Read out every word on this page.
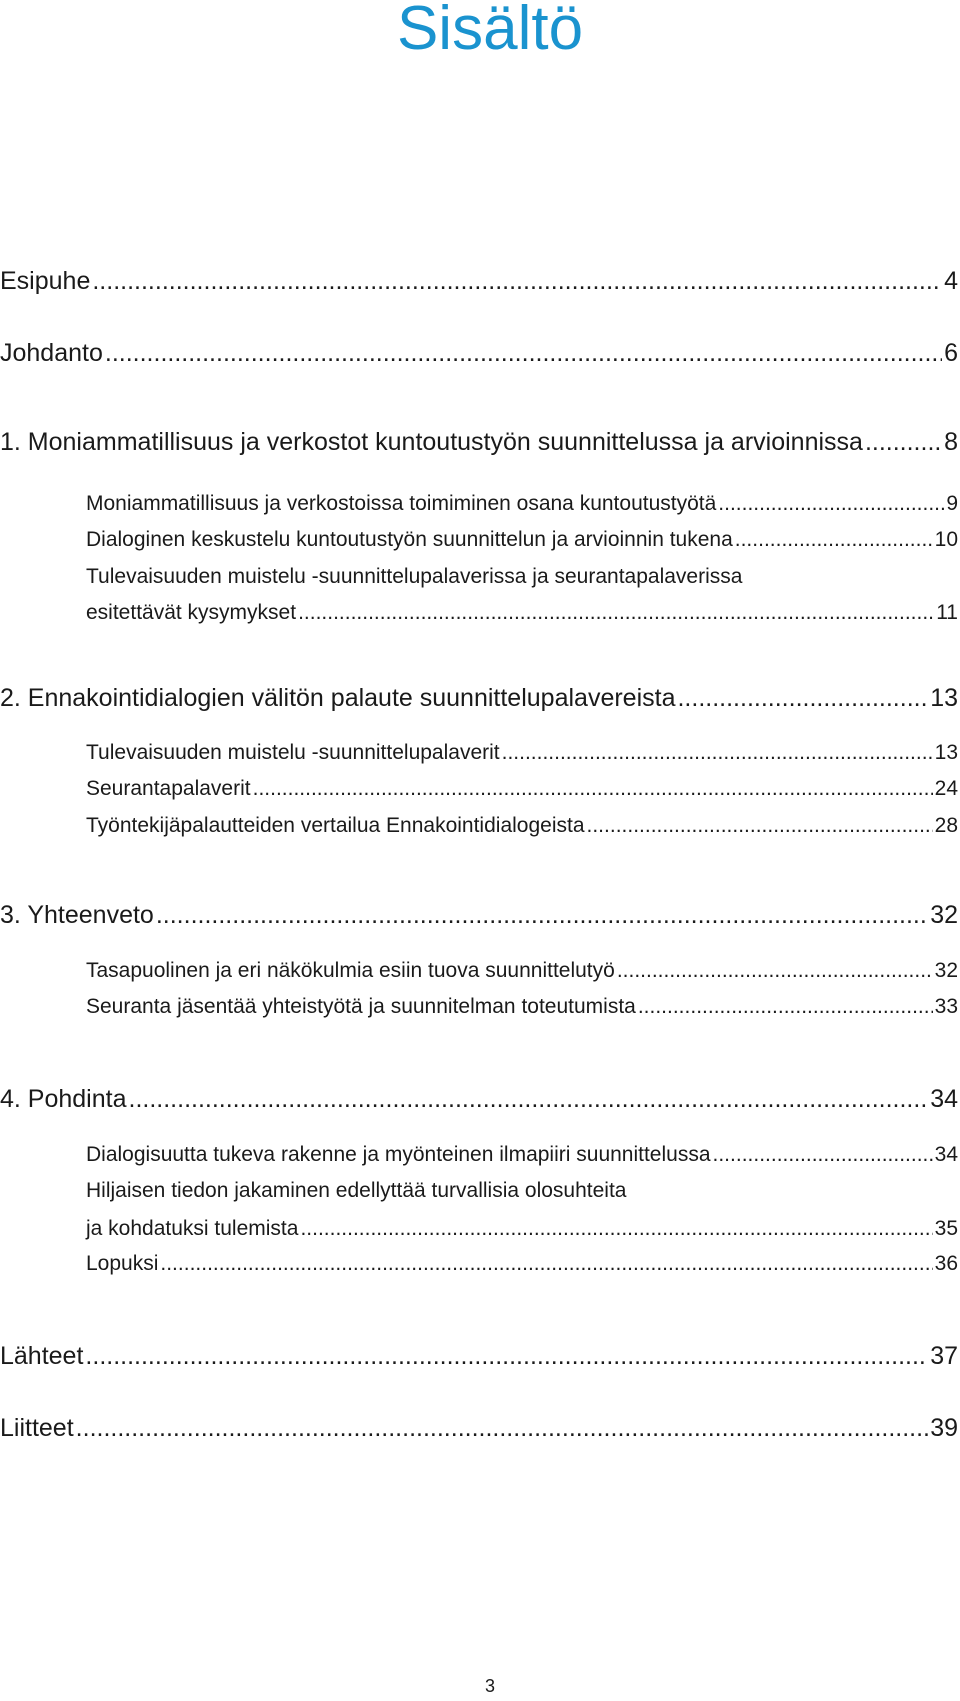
Sisältö
Esipuhe .....	4
Johdanto .....	6
1. Moniammatillisuus ja verkostot kuntoutustyön suunnittelussa ja arvioinnissa .....	8
Moniammatillisuus ja verkostoissa toimiminen osana kuntoutustyötä .....	9
Dialoginen keskustelu kuntoutustyön suunnittelun ja arvioinnin tukena .....	10
Tulevaisuuden muistelu -suunnittelupalaverissa ja seurantapalaverissa
esitettävät kysymykset .....	11
2. Ennakointidialogien välitön palaute suunnittelupalavereista .....	13
Tulevaisuuden muistelu -suunnittelupalaverit .....	13
Seurantapalaverit .....	24
Työntekijäpalautteiden vertailua Ennakointidialogeista .....	28
3. Yhteenveto .....	32
Tasapuolinen ja eri näkökulmia esiin tuova suunnittelutyö .....	32
Seuranta jäsentää yhteistyötä ja suunnitelman toteutumista .....	33
4. Pohdinta .....	34
Dialogisuutta tukeva rakenne ja myönteinen ilmapiiri suunnittelussa .....	34
Hiljaisen tiedon jakaminen edellyttää turvallisia olosuhteita
ja kohdatuksi tulemista .....	35
Lopuksi .....	36
Lähteet .....	37
Liitteet .....	39
3
